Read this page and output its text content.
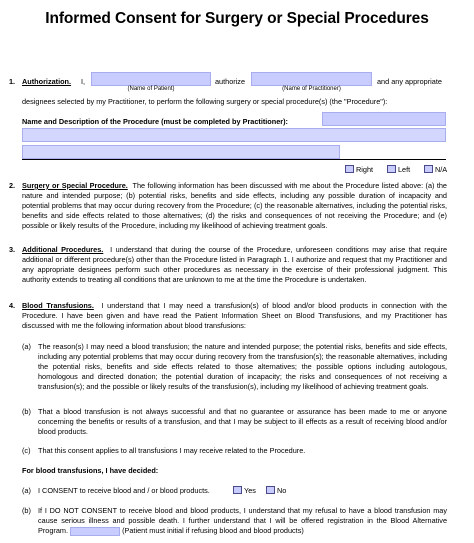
Informed Consent for Surgery or Special Procedures
1. Authorization. I,
(Name of Patient)
authorize
(Name of Practitioner)
and any appropriate
designees selected by my Practitioner, to perform the following surgery or special procedure(s) (the "Procedure"):
Name and Description of the Procedure (must be completed by Practitioner):
Right	Left	N/A
2. Surgery or Special Procedure. The following information has been discussed with me about the Procedure listed above: (a) the nature and intended purpose; (b) potential risks, benefits and side effects, including any possible duration of incapacity and potential problems that may occur during recovery from the Procedure; (c) the reasonable alternatives, including the potential risks, benefits and side effects related to those alternatives; (d) the risks and consequences of not receiving the Procedure; and (e) possible or likely results of the Procedure, including my likelihood of achieving treatment goals.
3. Additional Procedures. I understand that during the course of the Procedure, unforeseen conditions may arise that require additional or different procedure(s) other than the Procedure listed in Paragraph 1. I authorize and request that my Practitioner and any appropriate designees perform such other procedures as necessary in the exercise of their professional judgment. This authority extends to treating all conditions that are unknown to me at the time the Procedure is undertaken.
4. Blood Transfusions. I understand that I may need a transfusion(s) of blood and/or blood products in connection with the Procedure. I have been given and have read the Patient Information Sheet on Blood Transfusions, and my Practitioner has discussed with me the following information about blood transfusions:
(a) The reason(s) I may need a blood transfusion; the nature and intended purpose; the potential risks, benefits and side effects, including any potential problems that may occur during recovery from the transfusion(s); the reasonable alternatives, including the potential risks, benefits and side effects related to those alternatives; the possible options including autologous, homologous and directed donation; the potential duration of incapacity; the risks and consequences of not receiving a transfusion(s); and the possible or likely results of the transfusion(s), including my likelihood of achieving treatment goals.
(b) That a blood transfusion is not always successful and that no guarantee or assurance has been made to me or anyone concerning the benefits or results of a transfusion, and that I may be subject to ill effects as a result of receiving blood and/or blood products.
(c) That this consent applies to all transfusions I may receive related to the Procedure.
For blood transfusions, I have decided:
(a) I CONSENT to receive blood and / or blood products.	Yes	No
(b) If I DO NOT CONSENT to receive blood and blood products, I understand that my refusal to have a blood transfusion may cause serious illness and possible death. I further understand that I will be offered registration in the Blood Alternative Program.	(Patient must initial if refusing blood and blood products)
